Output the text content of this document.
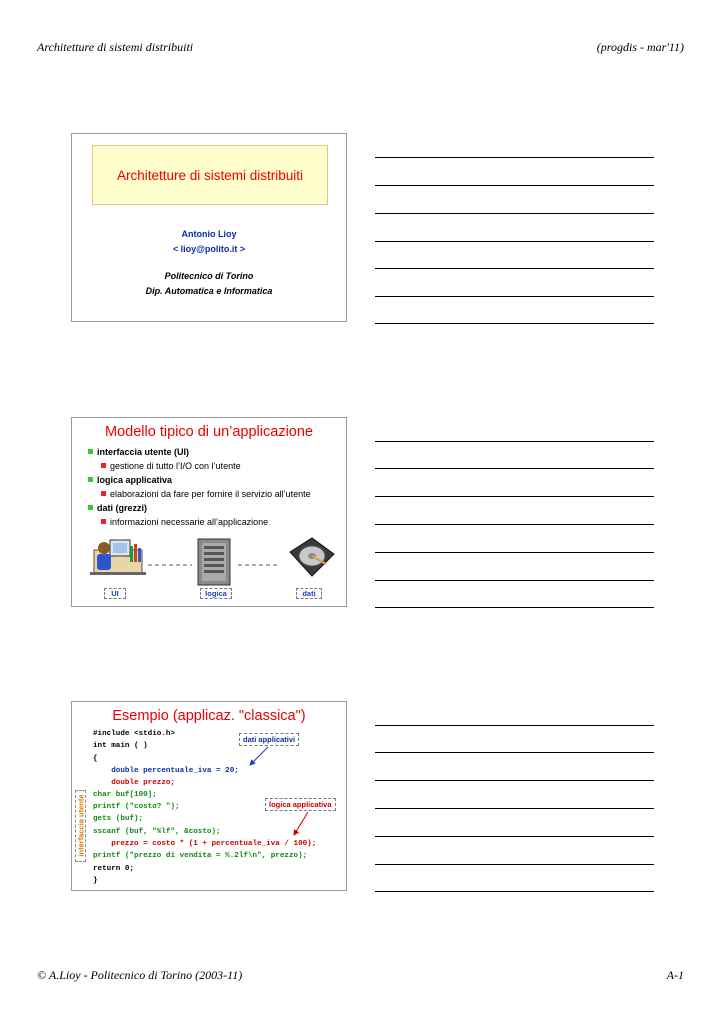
Architetture di sistemi distribuiti	(progdis - mar'11)
Architetture di sistemi distribuiti
Antonio Lioy
< lioy@polito.it >
Politecnico di Torino
Dip. Automatica e Informatica
Modello tipico di un’applicazione
interfaccia utente (UI)
gestione di tutto l’I/O con l’utente
logica applicativa
elaborazioni da fare per fornire il servizio all’utente
dati (grezzi)
informazioni necessarie all’applicazione
UI	logica	dati
Esempio (applicaz. "classica")
#include <stdio.h>
int main ( )
{
double percentuale_iva = 20;
double prezzo;
char buf[100];
printf ("costo? ");
gets (buf);
sscanf (buf, "%lf", &costo);
prezzo = costo * (1 + percentuale_iva / 100);
printf ("prezzo di vendita = %.2lf\n", prezzo);
return 0;
}
dati applicativi
logica applicativa
interfaccia utente
© A.Lioy - Politecnico di Torino (2003-11)	A-1
